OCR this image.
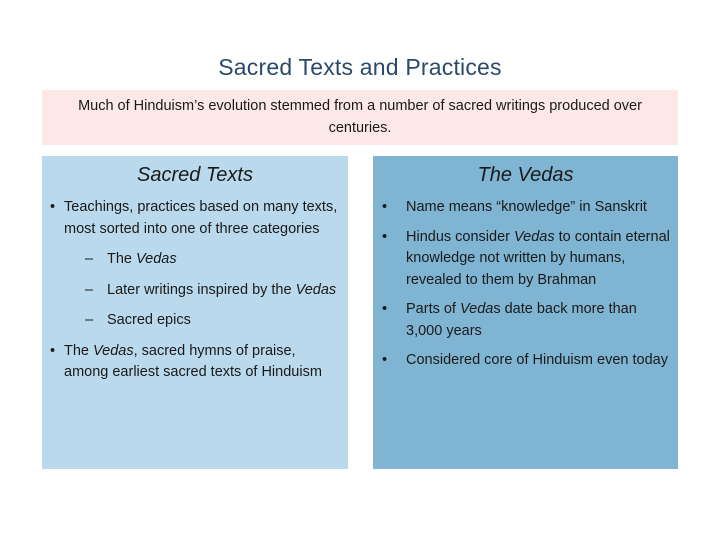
Sacred Texts and Practices
Much of Hinduism’s evolution stemmed from a number of sacred writings produced over centuries.
Sacred Texts
• Teachings, practices based on many texts, most sorted into one of three categories
– The Vedas
– Later writings inspired by the Vedas
– Sacred epics
• The Vedas, sacred hymns of praise, among earliest sacred texts of Hinduism
The Vedas
•	Name means “knowledge” in Sanskrit
•	Hindus consider Vedas to contain eternal knowledge not written by humans, revealed to them by Brahman
•	Parts of Vedas date back more than 3,000 years
•	Considered core of Hinduism even today
